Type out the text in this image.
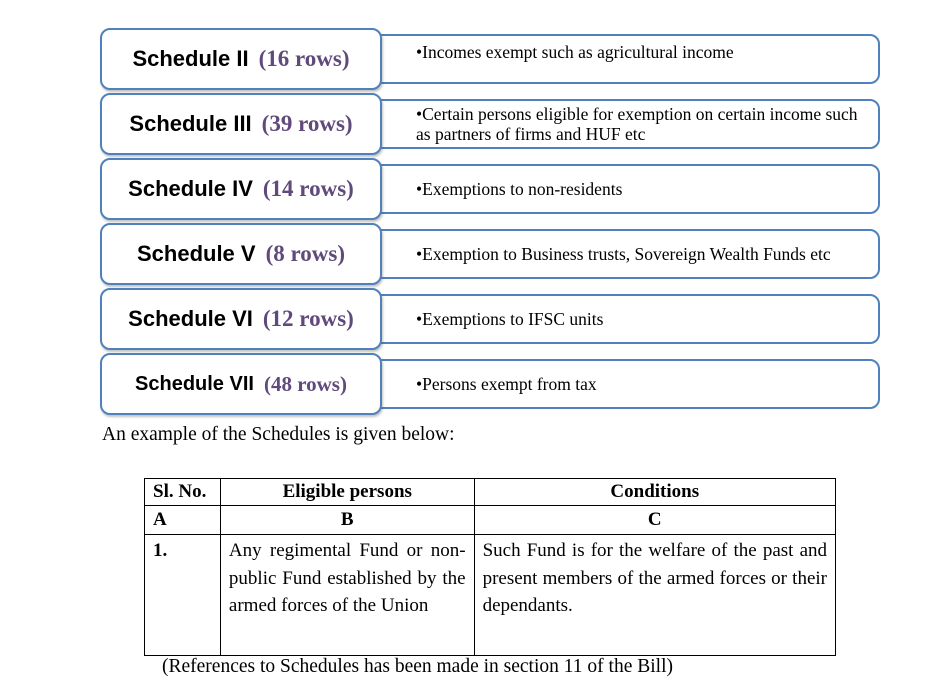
•Incomes exempt such as agricultural income
Schedule II (16 rows)
•Certain persons eligible for exemption on certain income such as partners of firms and HUF etc
Schedule III (39 rows)
•Exemptions to non-residents
Schedule IV (14 rows)
•Exemption to Business trusts, Sovereign Wealth Funds etc
Schedule V (8 rows)
•Exemptions to IFSC units
Schedule VI (12 rows)
•Persons exempt from tax
Schedule VII (48 rows)
An example of the Schedules is given below:
Sl. No.	Eligible persons	Conditions
A	B	C
1.	Any regimental Fund or non-public Fund established by the armed forces of the Union	Such Fund is for the welfare of the past and present members of the armed forces or their dependants.
(References to Schedules has been made in section 11 of the Bill)
